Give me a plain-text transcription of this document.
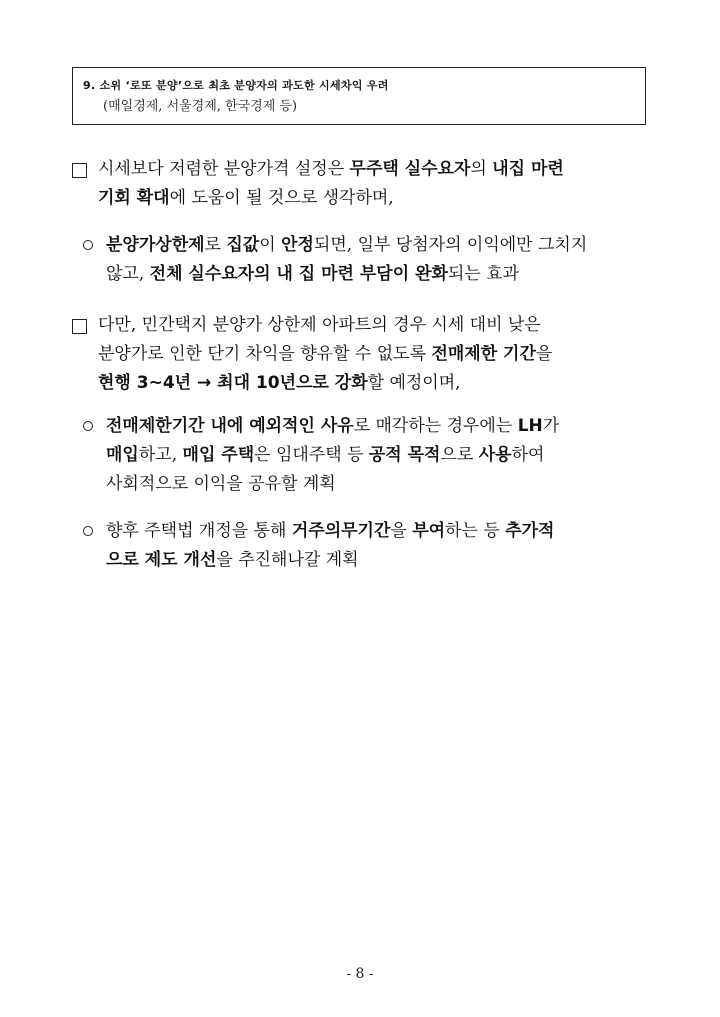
9. 소위 ‘로또 분양’으로 최초 분양자의 과도한 시세차익 우려
(매일경제, 서울경제, 한국경제 등)
시세보다 저렴한 분양가격 설정은 무주택 실수요자의 내집 마련
기회 확대에 도움이 될 것으로 생각하며,
분양가상한제로 집값이 안정되면, 일부 당첨자의 이익에만 그치지
않고, 전체 실수요자의 내 집 마련 부담이 완화되는 효과
다만, 민간택지 분양가 상한제 아파트의 경우 시세 대비 낮은
분양가로 인한 단기 차익을 향유할 수 없도록 전매제한 기간을
현행 3~4년 → 최대 10년으로 강화할 예정이며,
전매제한기간 내에 예외적인 사유로 매각하는 경우에는 LH가
매입하고, 매입 주택은 임대주택 등 공적 목적으로 사용하여
사회적으로 이익을 공유할 계획
향후 주택법 개정을 통해 거주의무기간을 부여하는 등 추가적
으로 제도 개선을 추진해나갈 계획
- 8 -
